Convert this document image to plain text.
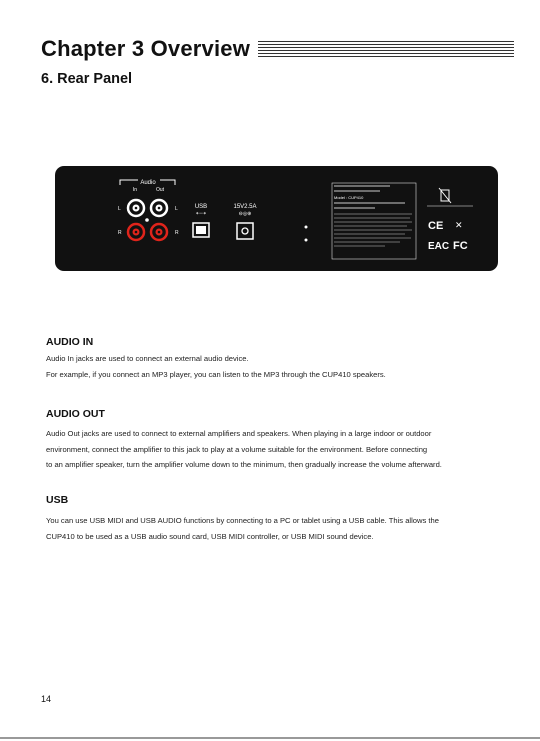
Chapter 3 Overview
6. Rear Panel
Audio
In	Out
L	L
R	R
USB
⇠⇢
15V2.5A
⊖◎⊕
Model : CUP410
CE ✕
EAC FC
AUDIO IN
Audio In jacks are used to connect an external audio device.
For example, if you connect an MP3 player, you can listen to the MP3 through the CUP410 speakers.
AUDIO OUT
Audio Out jacks are used to connect to external amplifiers and speakers. When playing in a large indoor or outdoor
environment, connect the amplifier to this jack to play at a volume suitable for the environment. Before connecting
to an amplifier speaker, turn the amplifier volume down to the minimum, then gradually increase the volume afterward.
USB
You can use USB MIDI and USB AUDIO functions by connecting to a PC or tablet using a USB cable. This allows the
CUP410 to be used as a USB audio sound card, USB MIDI controller, or USB MIDI sound device.
14
